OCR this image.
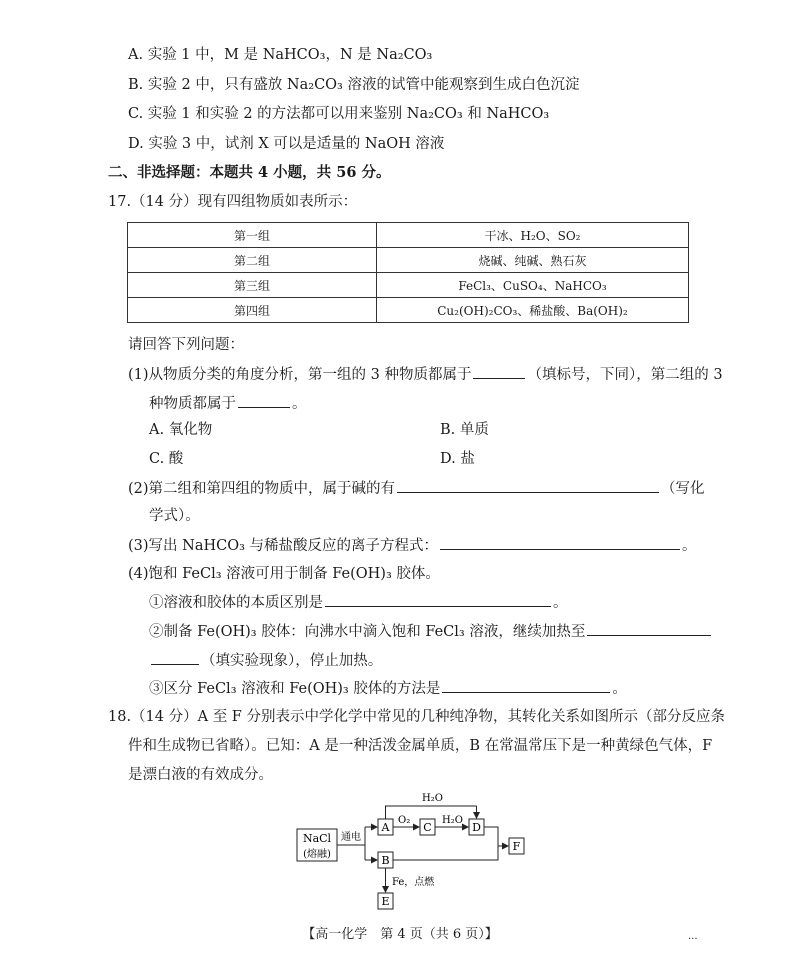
A. 实验 1 中，M 是 NaHCO₃，N 是 Na₂CO₃
B. 实验 2 中，只有盛放 Na₂CO₃ 溶液的试管中能观察到生成白色沉淀
C. 实验 1 和实验 2 的方法都可以用来鉴别 Na₂CO₃ 和 NaHCO₃
D. 实验 3 中，试剂 X 可以是适量的 NaOH 溶液
二、非选择题：本题共 4 小题，共 56 分。
17.（14 分）现有四组物质如表所示：
第一组	干冰、H₂O、SO₂
第二组	烧碱、纯碱、熟石灰
第三组	FeCl₃、CuSO₄、NaHCO₃
第四组	Cu₂(OH)₂CO₃、稀盐酸、Ba(OH)₂
请回答下列问题：
(1)从物质分类的角度分析，第一组的 3 种物质都属于	（填标号，下同），第二组的 3
种物质都属于	。
A. 氧化物	B. 单质
C. 酸	D. 盐
(2)第二组和第四组的物质中，属于碱的有	（写化
学式）。
(3)写出 NaHCO₃ 与稀盐酸反应的离子方程式：	。
(4)饱和 FeCl₃ 溶液可用于制备 Fe(OH)₃ 胶体。
①溶液和胶体的本质区别是	。
②制备 Fe(OH)₃ 胶体：向沸水中滴入饱和 FeCl₃ 溶液，继续加热至
（填实验现象），停止加热。
③区分 FeCl₃ 溶液和 Fe(OH)₃ 胶体的方法是	。
18.（14 分）A 至 F 分别表示中学化学中常见的几种纯净物，其转化关系如图所示（部分反应条
件和生成物已省略）。已知：A 是一种活泼金属单质，B 在常温常压下是一种黄绿色气体，F
是漂白液的有效成分。
NaCl
(熔融)
通电
A	C	D
B
E
F
O₂	H₂O
H₂O
Fe，点燃
【高一化学　第 4 页（共 6 页）】	...
